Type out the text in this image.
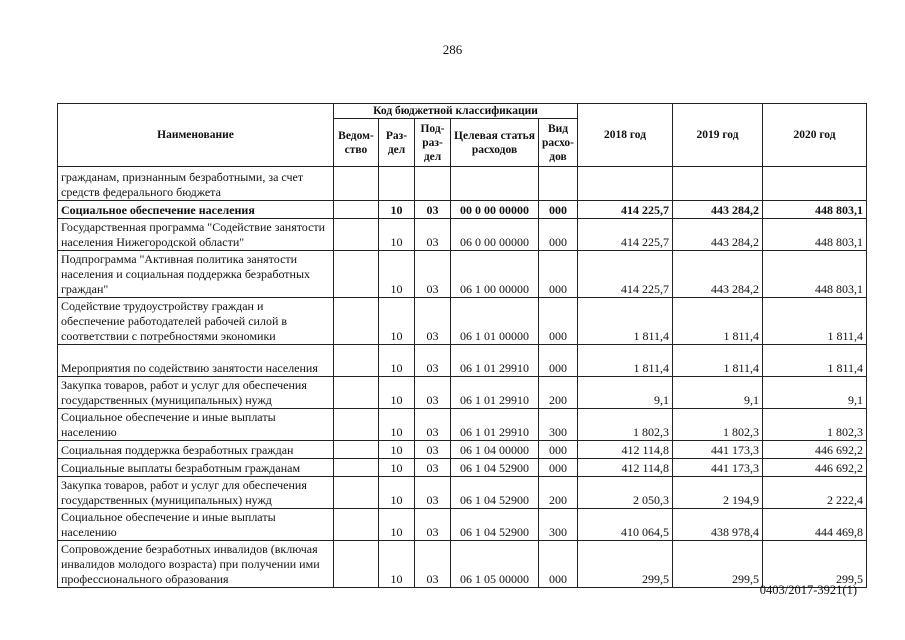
286
Наименование	Код бюджетной классификации					2018 год	2019 год	2020 год
	Ведом-ство	Раз-дел	Под-раз-дел	Целевая статья расходов	Вид расхо-дов			
гражданам, признанным безработными, за счет средств федерального бюджета								
Социальное обеспечение населения		10	03	00 0 00 00000	000	414 225,7	443 284,2	448 803,1
Государственная программа "Содействие занятости населения Нижегородской области"		10	03	06 0 00 00000	000	414 225,7	443 284,2	448 803,1
Подпрограмма "Активная политика занятости населения и социальная поддержка безработных граждан"		10	03	06 1 00 00000	000	414 225,7	443 284,2	448 803,1
Содействие трудоустройству граждан и обеспечение работодателей рабочей силой в соответствии с потребностями экономики		10	03	06 1 01 00000	000	1 811,4	1 811,4	1 811,4
Мероприятия по содействию занятости населения		10	03	06 1 01 29910	000	1 811,4	1 811,4	1 811,4
Закупка товаров, работ и услуг для обеспечения государственных (муниципальных) нужд		10	03	06 1 01 29910	200	9,1	9,1	9,1
Социальное обеспечение и иные выплаты населению		10	03	06 1 01 29910	300	1 802,3	1 802,3	1 802,3
Социальная поддержка безработных граждан		10	03	06 1 04 00000	000	412 114,8	441 173,3	446 692,2
Социальные выплаты безработным гражданам		10	03	06 1 04 52900	000	412 114,8	441 173,3	446 692,2
Закупка товаров, работ и услуг для обеспечения государственных (муниципальных) нужд		10	03	06 1 04 52900	200	2 050,3	2 194,9	2 222,4
Социальное обеспечение и иные выплаты населению		10	03	06 1 04 52900	300	410 064,5	438 978,4	444 469,8
Сопровождение безработных инвалидов (включая инвалидов молодого возраста) при получении ими профессионального образования		10	03	06 1 05 00000	000	299,5	299,5	299,5
0403/2017-3921(1)
